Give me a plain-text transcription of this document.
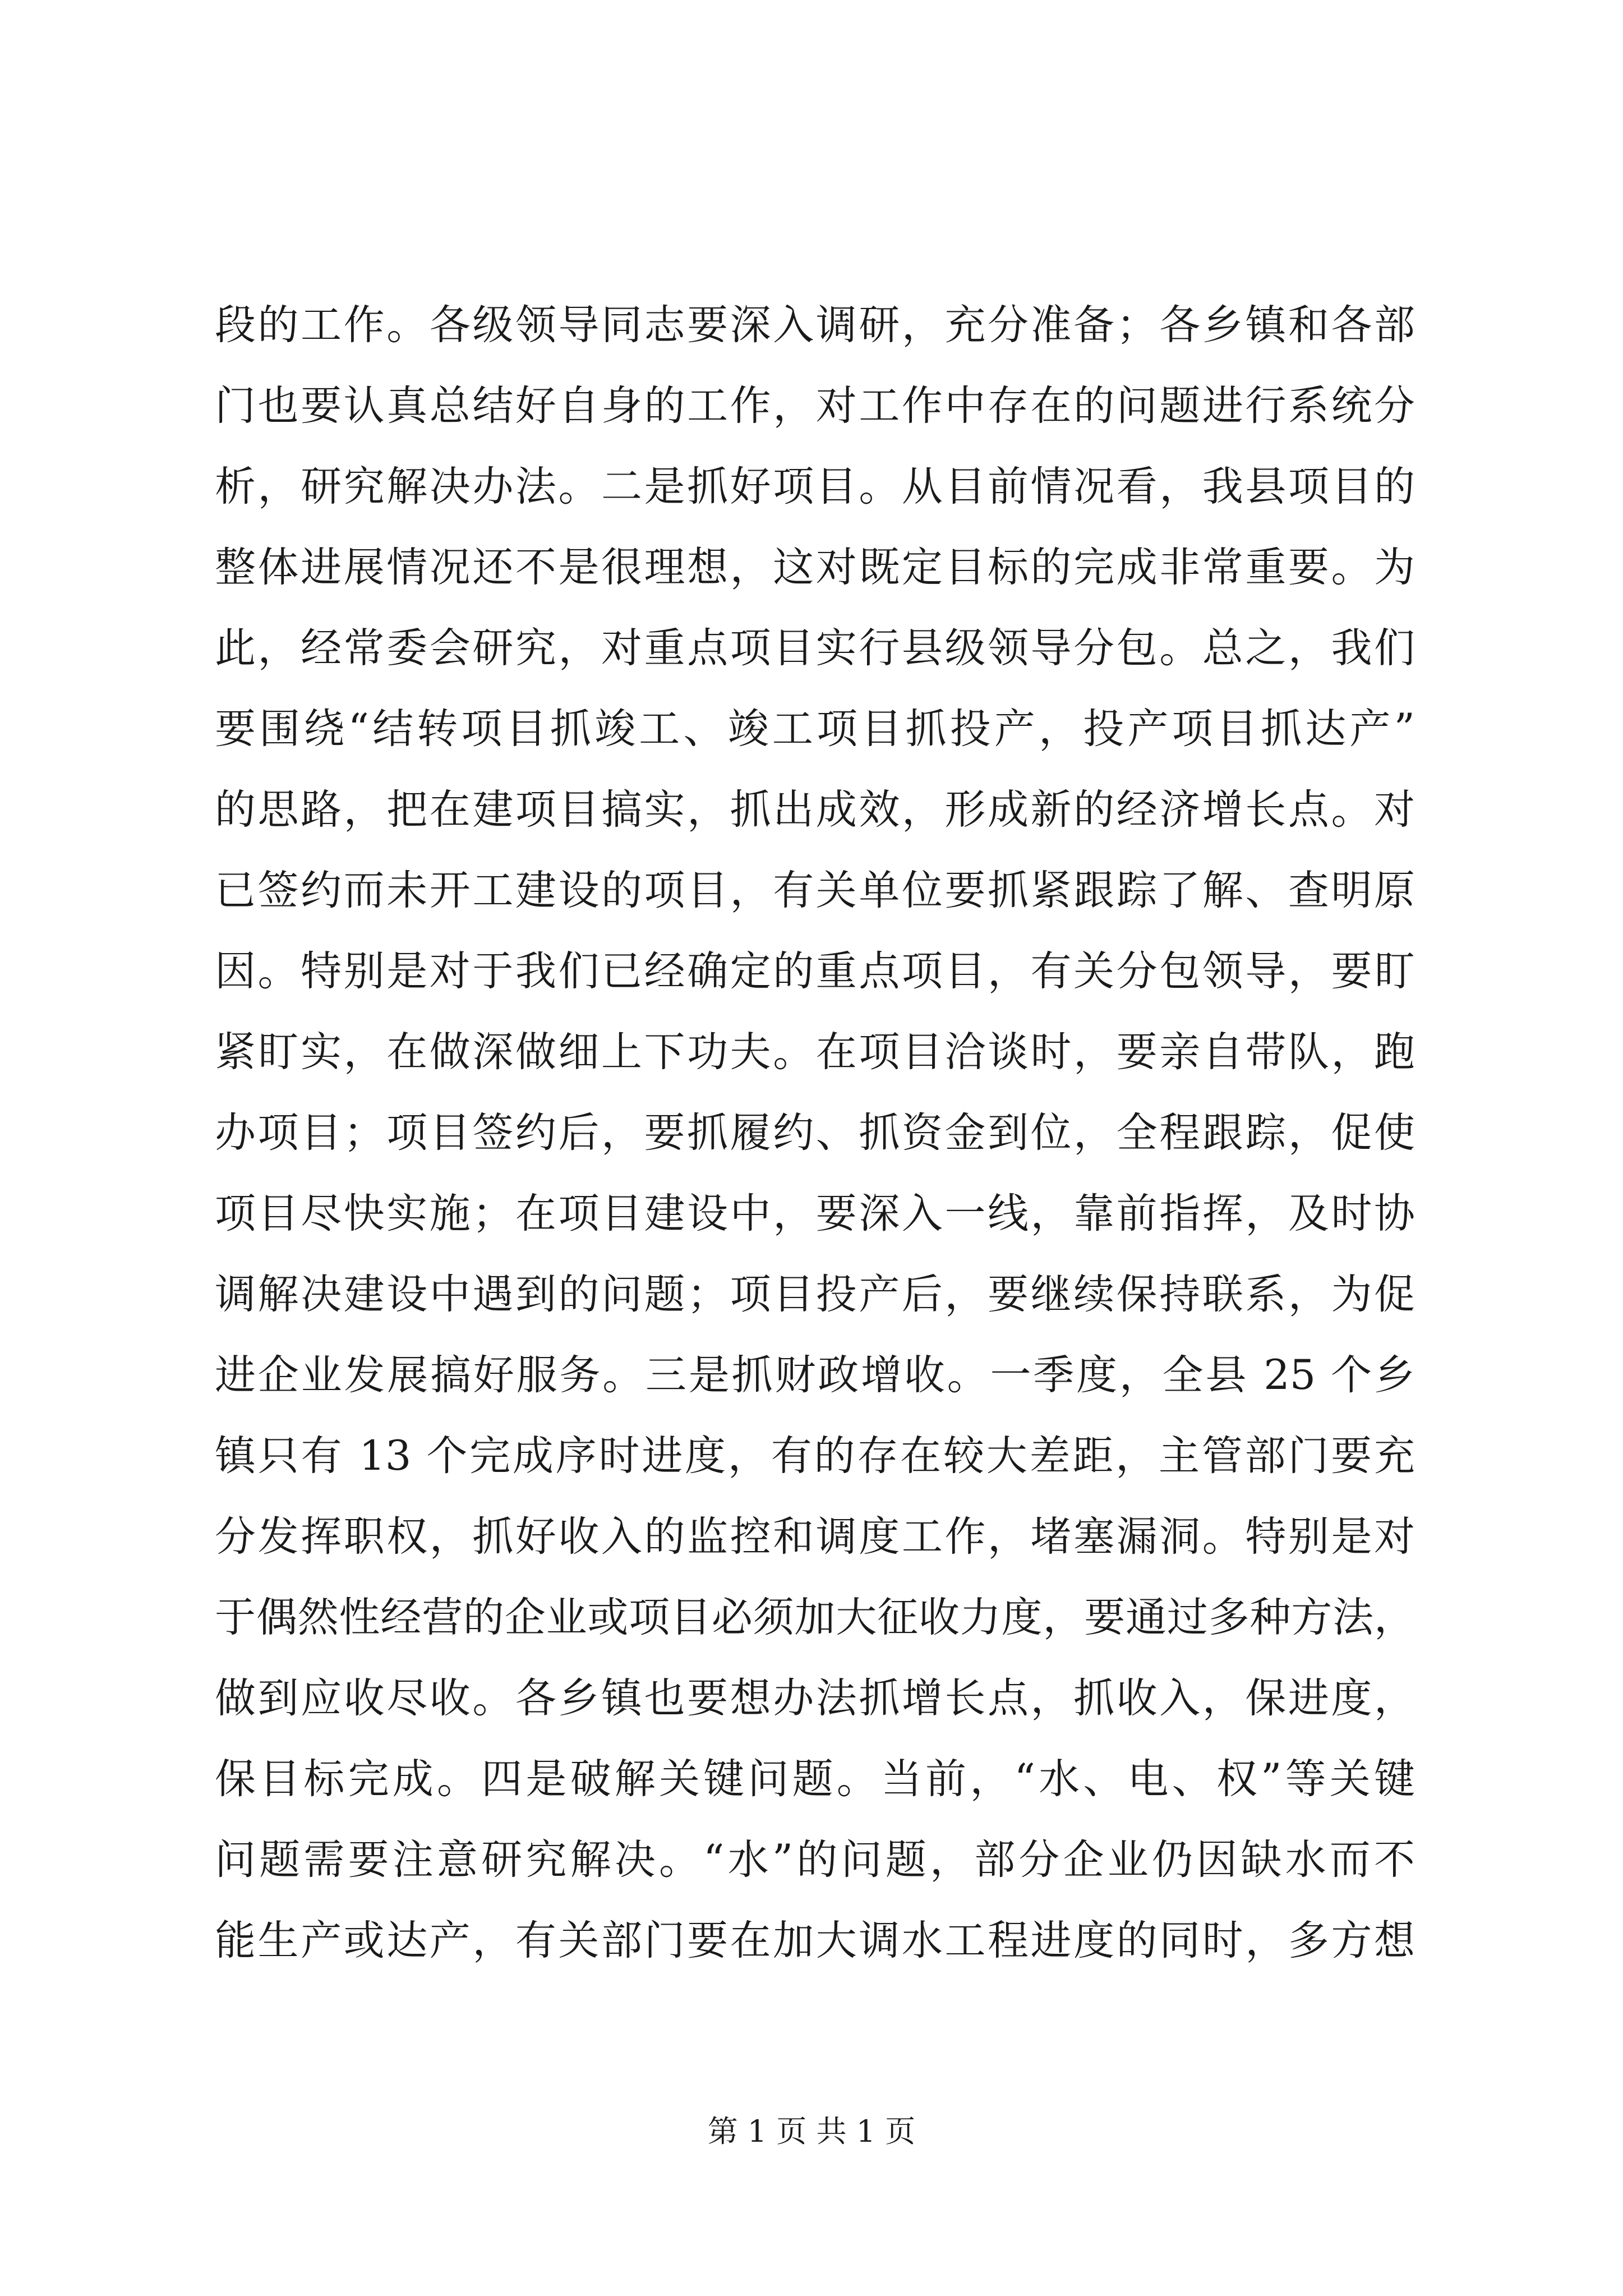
段的工作。各级领导同志要深入调研，充分准备；各乡镇和各部
门也要认真总结好自身的工作，对工作中存在的问题进行系统分
析，研究解决办法。二是抓好项目。从目前情况看，我县项目的
整体进展情况还不是很理想，这对既定目标的完成非常重要。为
此，经常委会研究，对重点项目实行县级领导分包。总之，我们
要围绕“结转项目抓竣工、竣工项目抓投产，投产项目抓达产”
的思路，把在建项目搞实，抓出成效，形成新的经济增长点。对
已签约而未开工建设的项目，有关单位要抓紧跟踪了解、查明原
因。特别是对于我们已经确定的重点项目，有关分包领导，要盯
紧盯实，在做深做细上下功夫。在项目洽谈时，要亲自带队，跑
办项目；项目签约后，要抓履约、抓资金到位，全程跟踪，促使
项目尽快实施；在项目建设中，要深入一线，靠前指挥，及时协
调解决建设中遇到的问题；项目投产后，要继续保持联系，为促
进企业发展搞好服务。三是抓财政增收。一季度，全县 25 个乡
镇只有 13 个完成序时进度，有的存在较大差距，主管部门要充
分发挥职权，抓好收入的监控和调度工作，堵塞漏洞。特别是对
于偶然性经营的企业或项目必须加大征收力度，要通过多种方法，
做到应收尽收。各乡镇也要想办法抓增长点，抓收入，保进度，
保目标完成。四是破解关键问题。当前，“水、电、权”等关键
问题需要注意研究解决。“水”的问题，部分企业仍因缺水而不
能生产或达产，有关部门要在加大调水工程进度的同时，多方想
第 1 页 共 1 页
